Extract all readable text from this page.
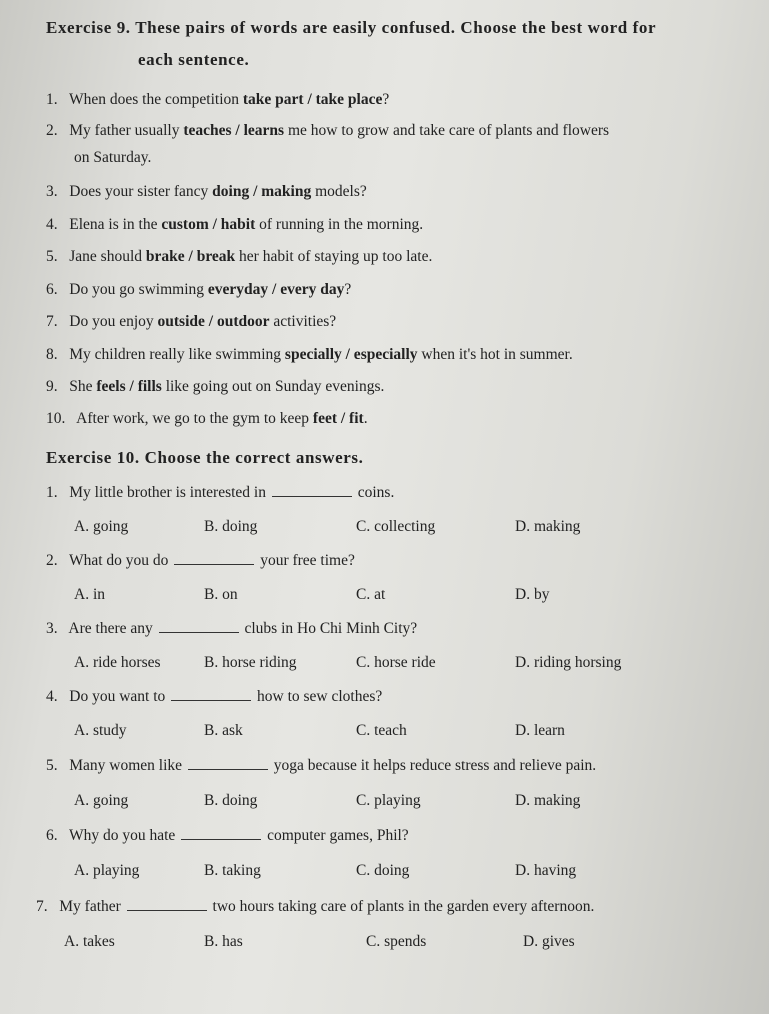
Exercise 9. These pairs of words are easily confused. Choose the best word for
each sentence.
1. When does the competition take part / take place?
2. My father usually teaches / learns me how to grow and take care of plants and flowers
on Saturday.
3. Does your sister fancy doing / making models?
4. Elena is in the custom / habit of running in the morning.
5. Jane should brake / break her habit of staying up too late.
6. Do you go swimming everyday / every day?
7. Do you enjoy outside / outdoor activities?
8. My children really like swimming specially / especially when it's hot in summer.
9. She feels / fills like going out on Sunday evenings.
10. After work, we go to the gym to keep feet / fit.
Exercise 10. Choose the correct answers.
1. My little brother is interested in	coins.
A. going	B. doing	C. collecting	D. making
2. What do you do	your free time?
A. in	B. on	C. at	D. by
3. Are there any	clubs in Ho Chi Minh City?
A. ride horses	B. horse riding	C. horse ride	D. riding horsing
4. Do you want to	how to sew clothes?
A. study	B. ask	C. teach	D. learn
5. Many women like	yoga because it helps reduce stress and relieve pain.
A. going	B. doing	C. playing	D. making
6. Why do you hate	computer games, Phil?
A. playing	B. taking	C. doing	D. having
7. My father	two hours taking care of plants in the garden every afternoon.
A. takes	B. has	C. spends	D. gives
